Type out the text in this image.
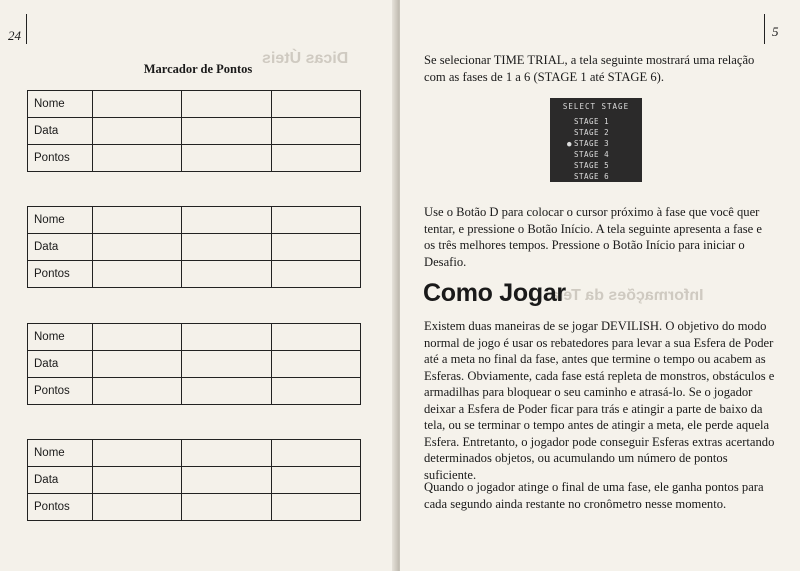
Dicas Úteis
24
Marcador de Pontos
Nome			
Data			
Pontos			
Nome			
Data			
Pontos			
Nome			
Data			
Pontos			
Nome			
Data			
Pontos			
Informações da Tela
5
Se selecionar TIME TRIAL, a tela seguinte mostrará uma relação com as fases de 1 a 6 (STAGE 1 até STAGE 6).
SELECT STAGE
STAGE 1
STAGE 2
● STAGE 3
STAGE 4
STAGE 5
STAGE 6
Use o Botão D para colocar o cursor próximo à fase que você quer tentar, e pressione o Botão Início. A tela seguinte apresenta a fase e os três melhores tempos. Pressione o Botão Início para iniciar o Desafio.
Como Jogar
Existem duas maneiras de se jogar DEVILISH. O objetivo do modo normal de jogo é usar os rebatedores para levar a sua Esfera de Poder até a meta no final da fase, antes que termine o tempo ou acabem as Esferas. Obviamente, cada fase está repleta de monstros, obstáculos e armadilhas para bloquear o seu caminho e atrasá-lo. Se o jogador deixar a Esfera de Poder ficar para trás e atingir a parte de baixo da tela, ou se terminar o tempo antes de atingir a meta, ele perde aquela Esfera. Entretanto, o jogador pode conseguir Esferas extras acertando determinados objetos, ou acumulando um número de pontos suficiente.
Quando o jogador atinge o final de uma fase, ele ganha pontos para cada segundo ainda restante no cronômetro nesse momento.
